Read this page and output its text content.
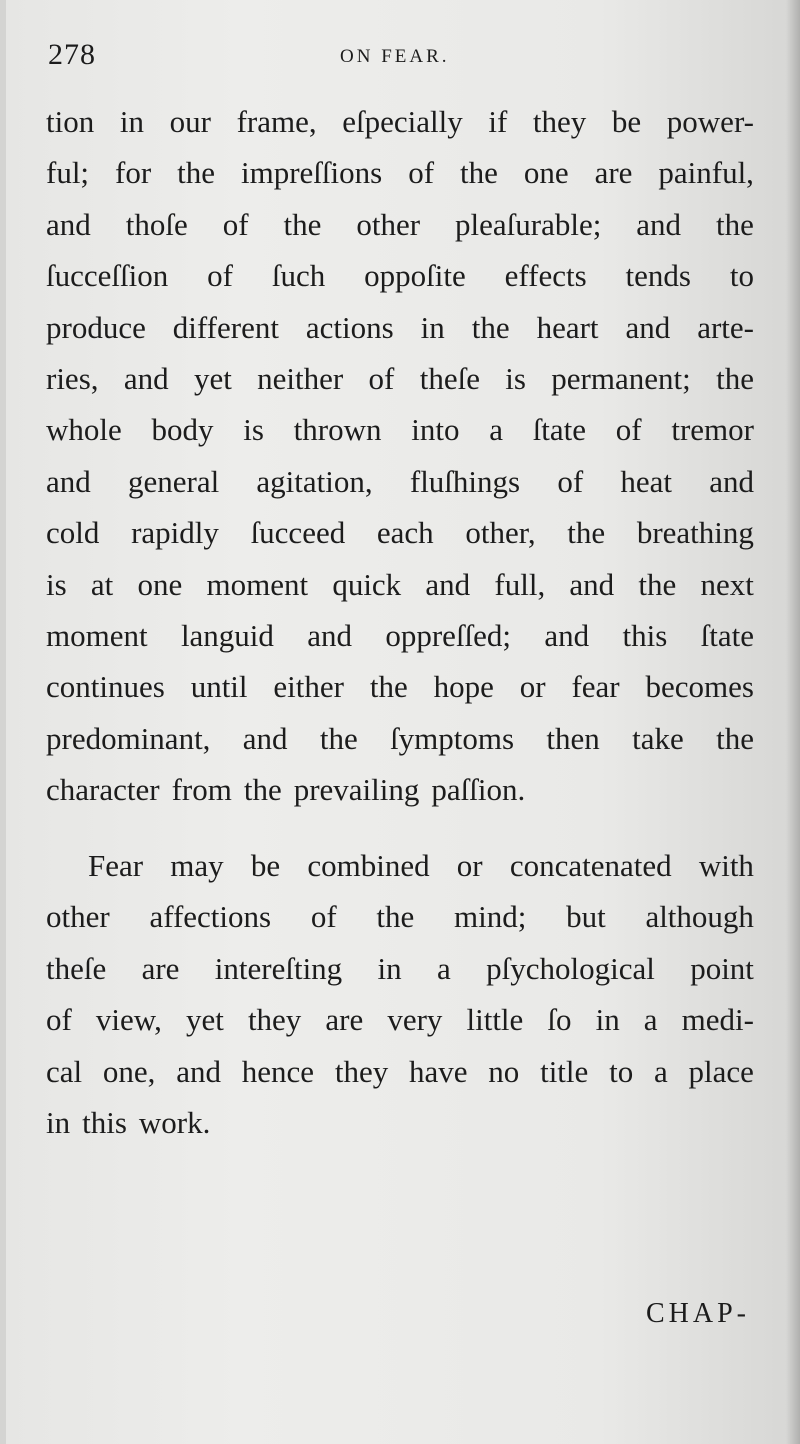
278	ON FEAR.
tion in our frame, eſpecially if they be power-
ful; for the impreſſions of the one are painful,
and thoſe of the other pleaſurable; and the
ſucceſſion of ſuch oppoſite effects tends to
produce different actions in the heart and arte-
ries, and yet neither of theſe is permanent; the
whole body is thrown into a ſtate of tremor
and general agitation, fluſhings of heat and
cold rapidly ſucceed each other, the breathing
is at one moment quick and full, and the next
moment languid and oppreſſed; and this ſtate
continues until either the hope or fear becomes
predominant, and the ſymptoms then take the
character from the prevailing paſſion.
Fear may be combined or concatenated with
other affections of the mind; but although
theſe are intereſting in a pſychological point
of view, yet they are very little ſo in a medi-
cal one, and hence they have no title to a place
in this work.
CHAP-
